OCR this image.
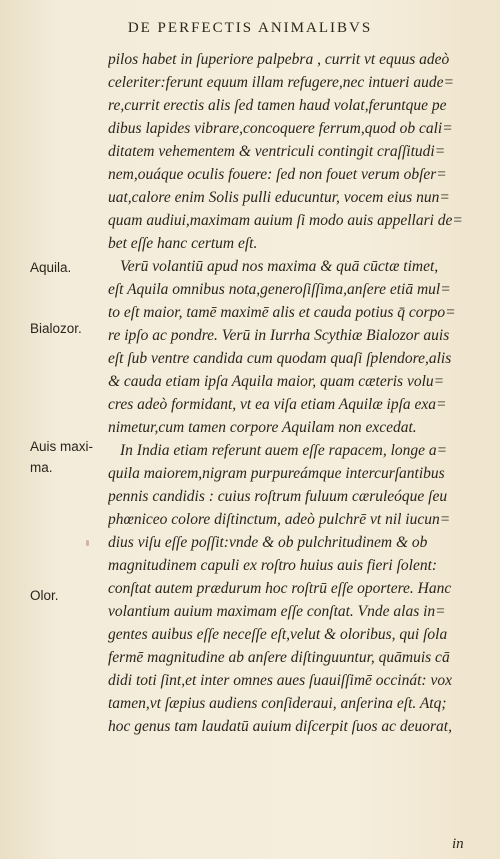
DE PERFECTIS ANIMALIBVS
pilos habet in ſuperiore palpebra , currit vt equus adeò
celeriter:ferunt equum illam refugere,nec intueri aude=
re,currit erectis alis ſed tamen haud volat,feruntque pe
dibus lapides vibrare,concoquere ferrum,quod ob cali=
ditatem vehementem & ventriculi contingit craſſitudi=
nem,ouáque oculis fouere: ſed non fouet verum obſer=
uat,calore enim Solis pulli educuntur, vocem eius nun=
quam audiui,maximam auium ſi modo auis appellari de=
bet eſſe hanc certum eſt.
Verū volantiū apud nos maxima & quā cūctæ timet,
eſt Aquila omnibus nota,generoſiſſima,anſere etiā mul=
to eſt maior, tamē maximē alis et cauda potius q̄ corpo=
re ipſo ac pondre. Verū in Iurrha Scythiæ Bialozor auis
eſt ſub ventre candida cum quodam quaſi ſplendore,alis
& cauda etiam ipſa Aquila maior, quam cæteris volu=
cres adeò formidant, vt ea viſa etiam Aquilæ ipſa exa=
nimetur,cum tamen corpore Aquilam non excedat.
In India etiam referunt auem eſſe rapacem, longe a=
quila maiorem,nigram purpureámque intercurſantibus
pennis candidis : cuius roſtrum fuluum cæruleóque ſeu
phœniceo colore diſtinctum, adeò pulchrē vt nil iucun=
dius viſu eſſe poſſit:vnde & ob pulchritudinem & ob
magnitudinem capuli ex roſtro huius auis fieri ſolent:
conſtat autem prædurum hoc roſtrū eſſe oportere. Hanc
volantium auium maximam eſſe conſtat. Vnde alas in=
gentes auibus eſſe neceſſe eſt,velut & oloribus, qui ſola
fermē magnitudine ab anſere diſtinguuntur, quāmuis cā
didi toti ſint,et inter omnes aues ſuauiſſimē occinát: vox
tamen,vt ſæpius audiens conſideraui, anſerina eſt. Atq;
hoc genus tam laudatū auium diſcerpit ſuos ac deuorat,
Aquila.
Bialozor.
Auis maxi-
ma.
Olor.
in
